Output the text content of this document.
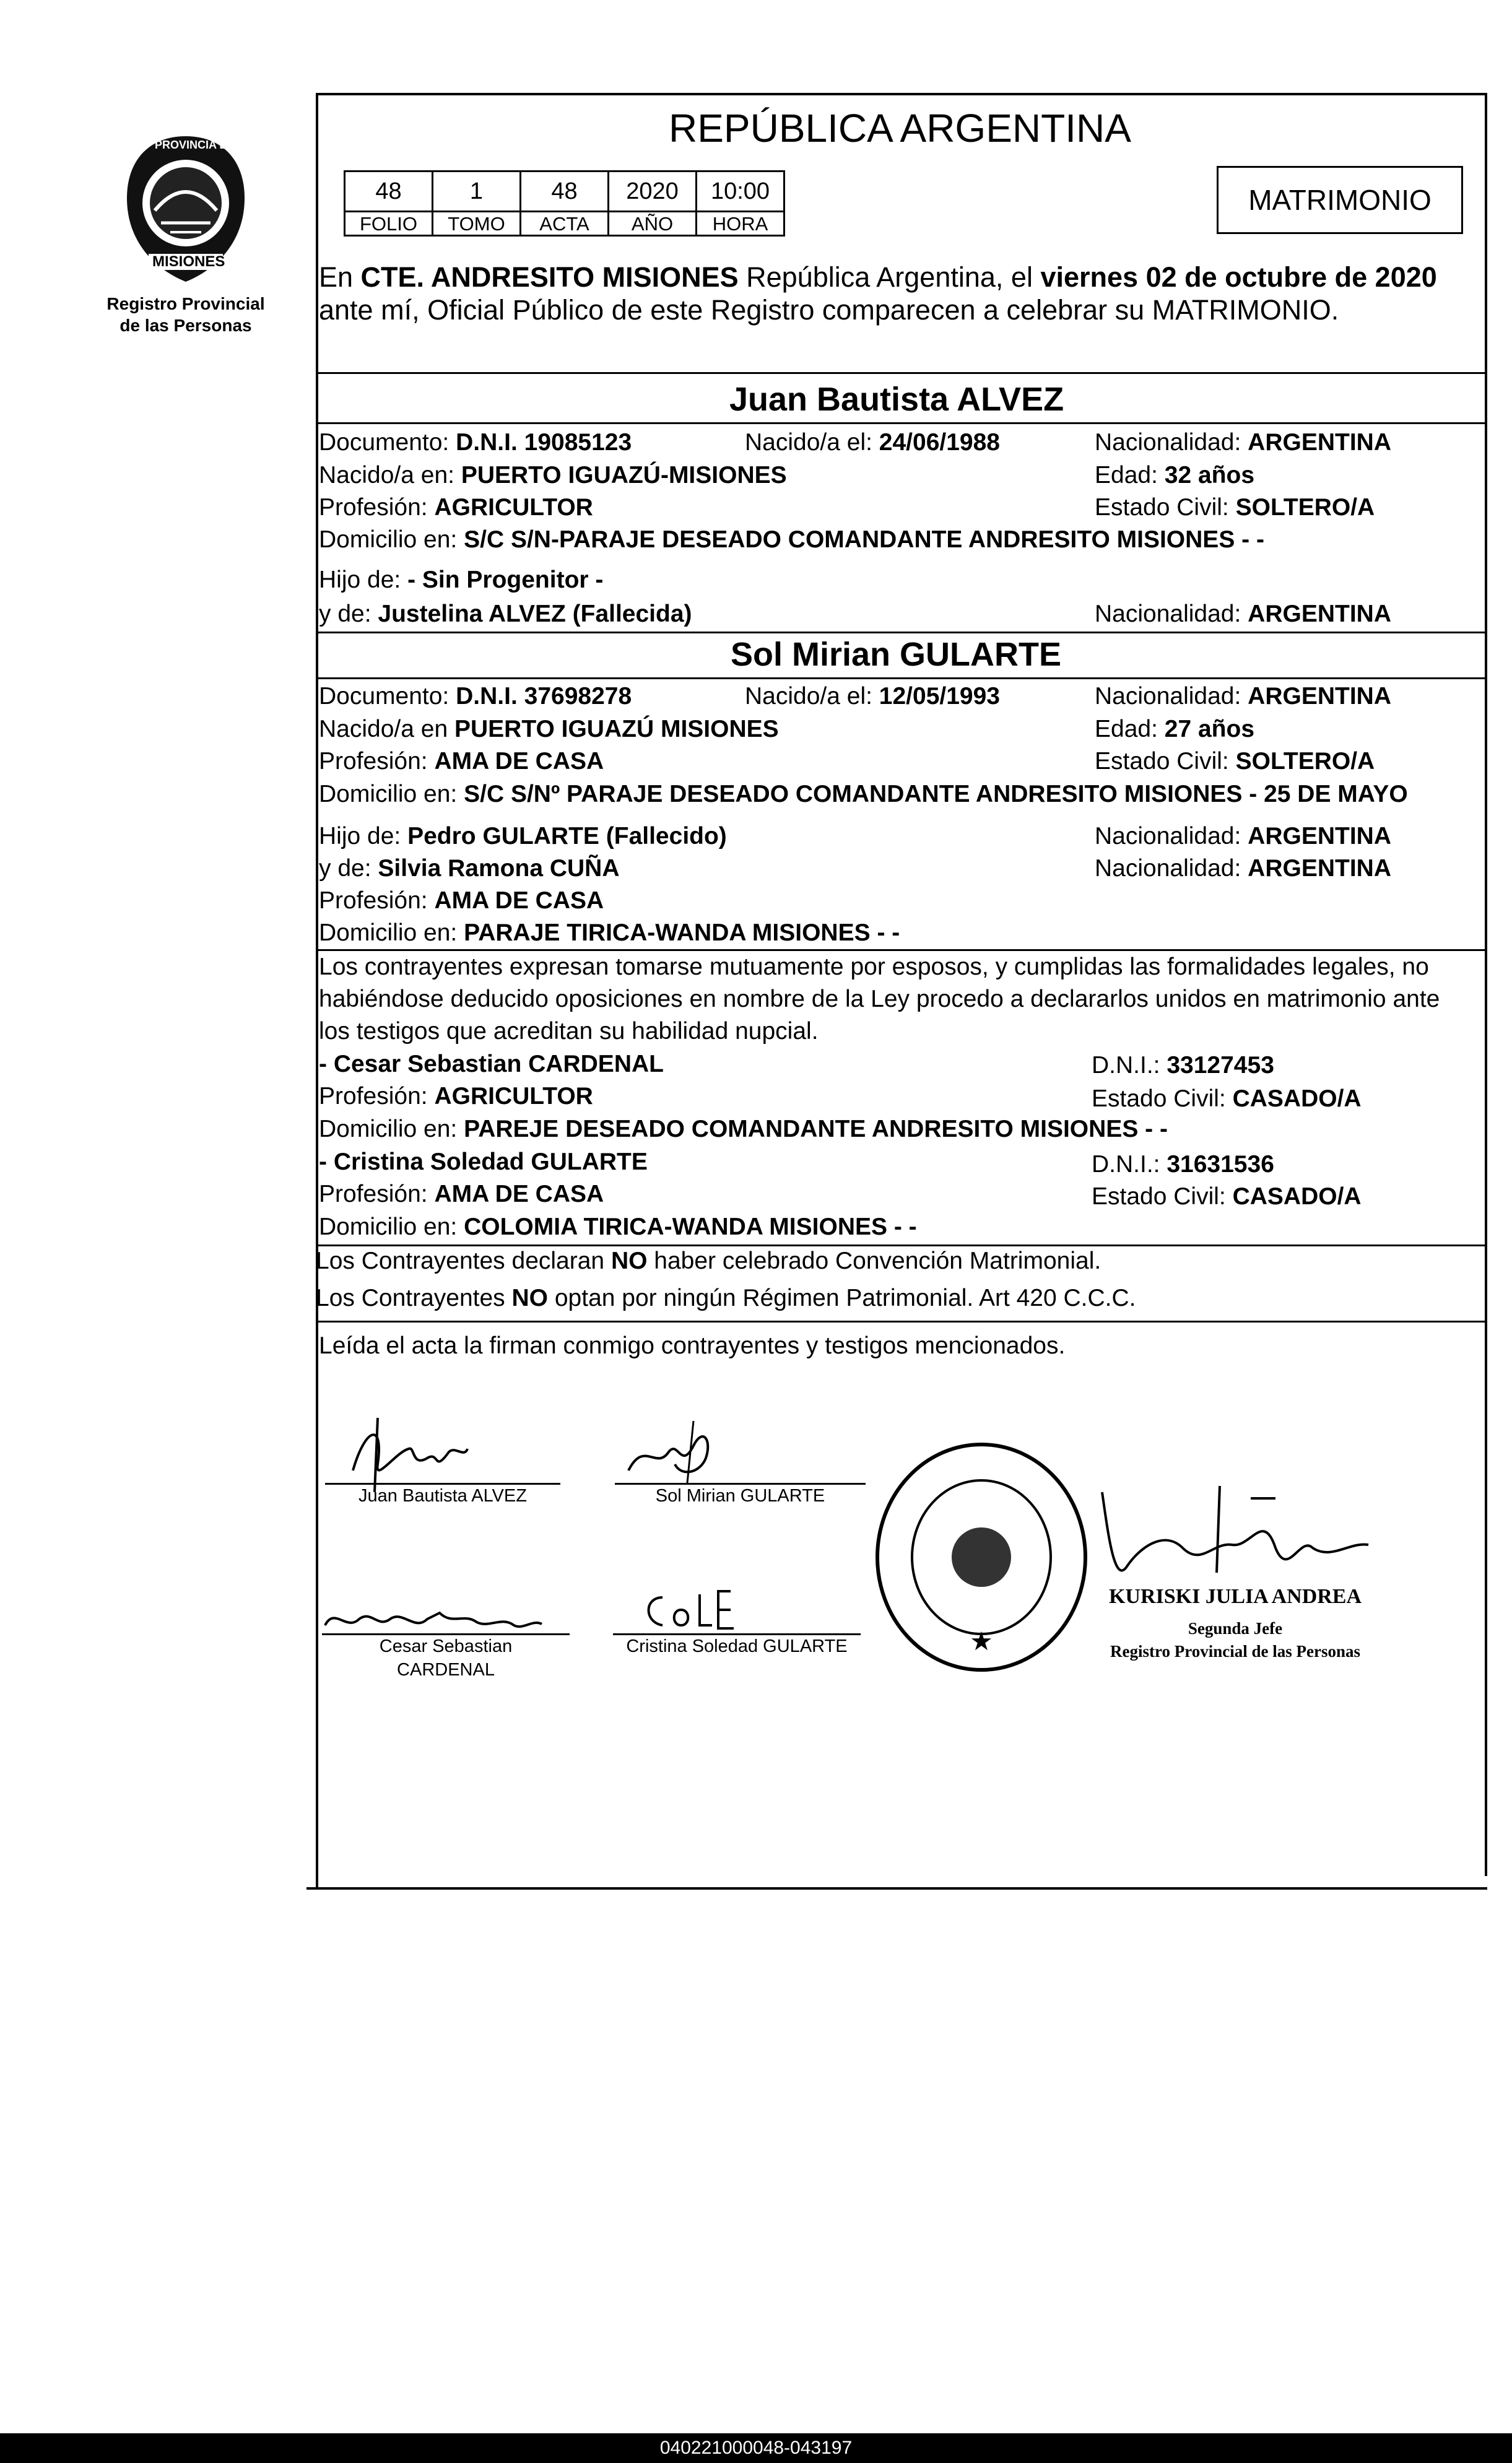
PROVINCIA DE
MISIONES
Registro Provincial
de las Personas
REPÚBLICA ARGENTINA
48	1	48	2020	10:00
FOLIO	TOMO	ACTA	AÑO	HORA
MATRIMONIO
En CTE. ANDRESITO MISIONES República Argentina, el viernes 02 de octubre de 2020
ante mí, Oficial Público de este Registro comparecen a celebrar su MATRIMONIO.
Juan Bautista ALVEZ
Documento: D.N.I. 19085123	Nacido/a el: 24/06/1988	Nacionalidad: ARGENTINA
Nacido/a en: PUERTO IGUAZÚ-MISIONES	Edad: 32 años
Profesión: AGRICULTOR	Estado Civil: SOLTERO/A
Domicilio en: S/C S/N-PARAJE DESEADO COMANDANTE ANDRESITO MISIONES - -
Hijo de: - Sin Progenitor -
y de: Justelina ALVEZ (Fallecida)	Nacionalidad: ARGENTINA
Sol Mirian GULARTE
Documento: D.N.I. 37698278	Nacido/a el: 12/05/1993	Nacionalidad: ARGENTINA
Nacido/a en PUERTO IGUAZÚ MISIONES	Edad: 27 años
Profesión: AMA DE CASA	Estado Civil: SOLTERO/A
Domicilio en: S/C S/Nº PARAJE DESEADO COMANDANTE ANDRESITO MISIONES - 25 DE MAYO
Hijo de: Pedro GULARTE (Fallecido)	Nacionalidad: ARGENTINA
y de: Silvia Ramona CUÑA	Nacionalidad: ARGENTINA
Profesión: AMA DE CASA
Domicilio en: PARAJE TIRICA-WANDA MISIONES - -
Los contrayentes expresan tomarse mutuamente por esposos, y cumplidas las formalidades legales, no
habiéndose deducido oposiciones en nombre de la Ley procedo a declararlos unidos en matrimonio ante
los testigos que acreditan su habilidad nupcial.
- Cesar Sebastian CARDENAL	D.N.I.: 33127453
Profesión: AGRICULTOR	Estado Civil: CASADO/A
Domicilio en: PAREJE DESEADO COMANDANTE ANDRESITO MISIONES - -
- Cristina Soledad GULARTE	D.N.I.: 31631536
Profesión: AMA DE CASA	Estado Civil: CASADO/A
Domicilio en: COLOMIA TIRICA-WANDA MISIONES - -
Los Contrayentes declaran NO haber celebrado Convención Matrimonial.
Los Contrayentes NO optan por ningún Régimen Patrimonial. Art 420 C.C.C.
Leída el acta la firman conmigo contrayentes y testigos mencionados.
Juan Bautista ALVEZ	Sol Mirian GULARTE
Cesar Sebastian
CARDENAL
Cristina Soledad GULARTE	★
KURISKI JULIA ANDREA
Segunda Jefe
Registro Provincial de las Personas
040221000048-043197
